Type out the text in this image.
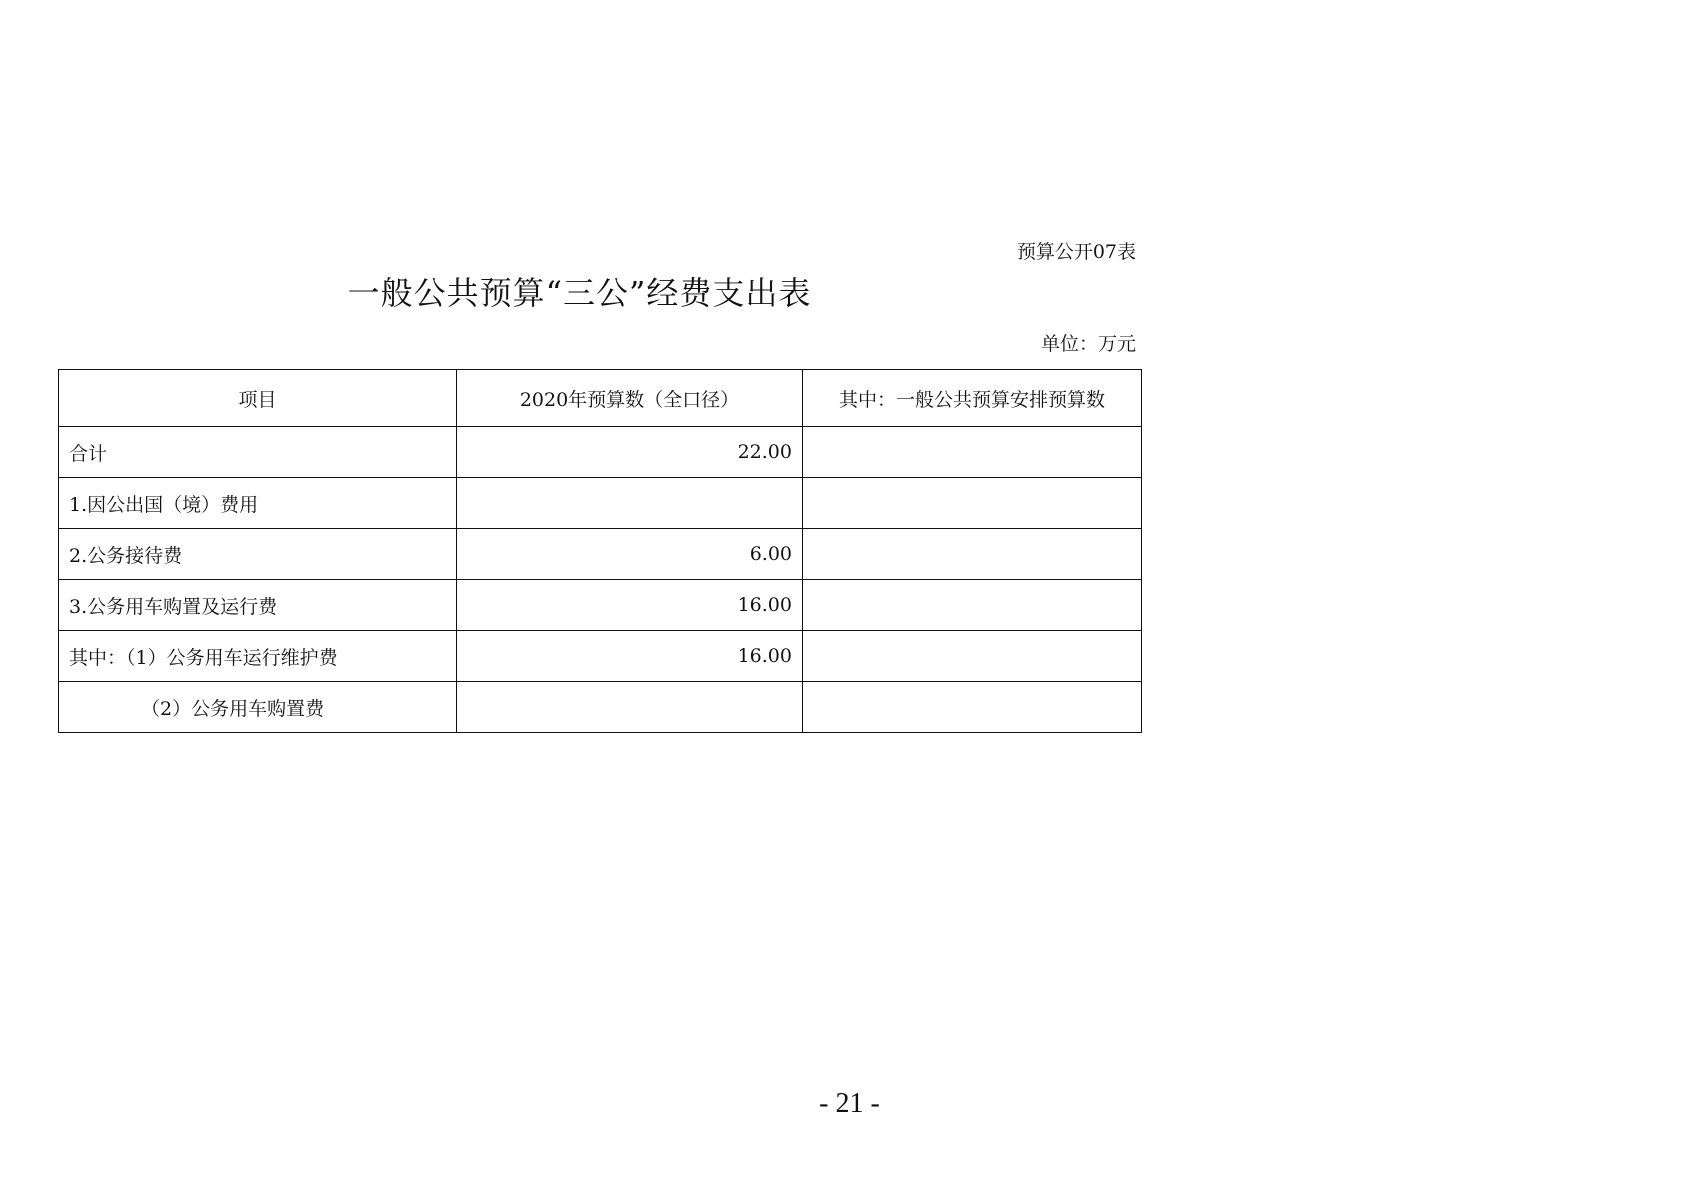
预算公开07表
一般公共预算“三公”经费支出表
单位：万元
项目	2020年预算数（全口径）	其中：一般公共预算安排预算数
合计	22.00	
1.因公出国（境）费用		
2.公务接待费	6.00	
3.公务用车购置及运行费	16.00	
其中：（1）公务用车运行维护费	16.00	
（2）公务用车购置费		
- 21 -
